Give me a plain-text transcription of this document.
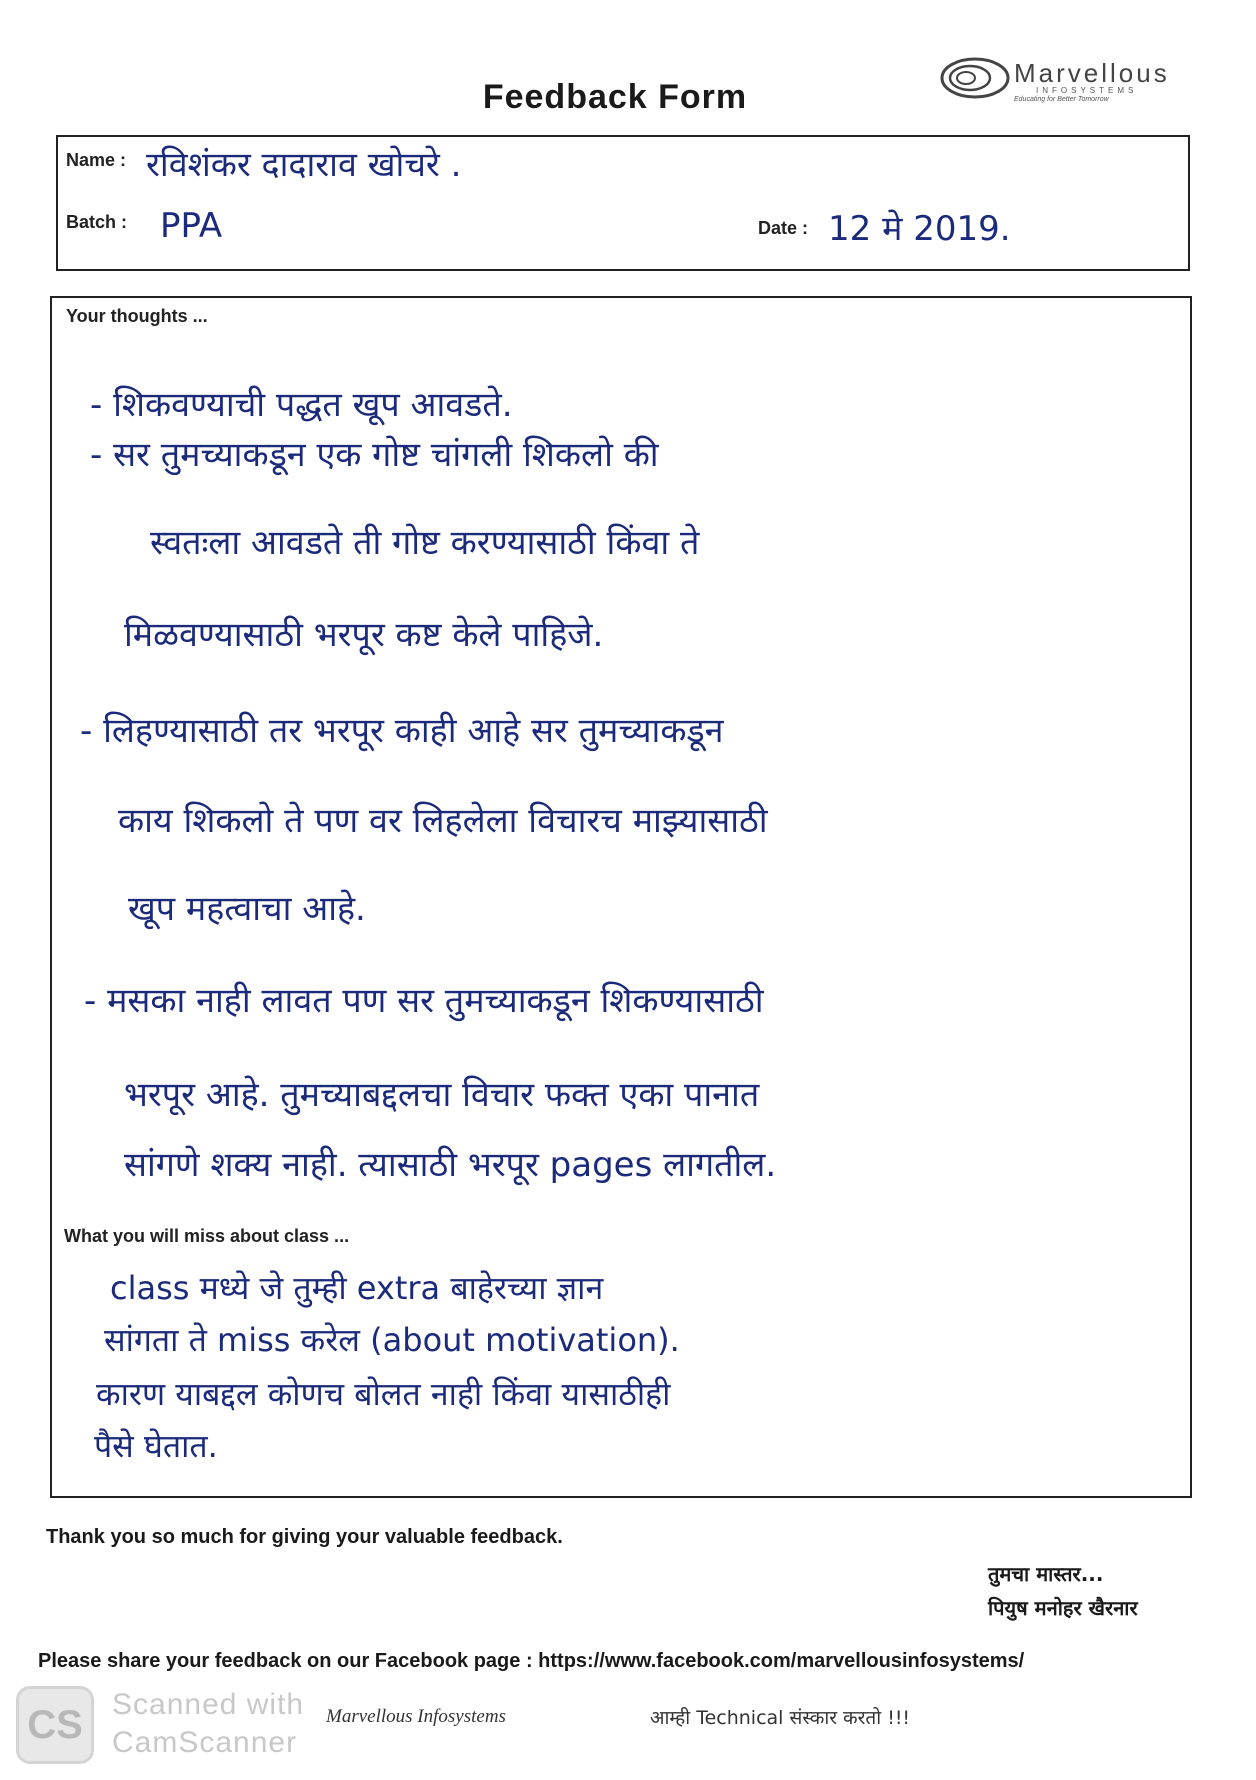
Marvellous
INFOSYSTEMS
Educating for Better Tomorrow
Feedback Form
Name : रविशंकर दादाराव खोचरे .
Batch : PPA	Date : 12 मे 2019.
Your thoughts ...
- शिकवण्याची पद्धत खूप आवडते.
- सर तुमच्याकडून एक गोष्ट चांगली शिकलो की
स्वतःला आवडते ती गोष्ट करण्यासाठी किंवा ते
मिळवण्यासाठी भरपूर कष्ट केले पाहिजे.
- लिहण्यासाठी तर भरपूर काही आहे सर तुमच्याकडून
काय शिकलो ते पण वर लिहलेला विचारच माझ्यासाठी
खूप महत्वाचा आहे.
- मसका नाही लावत पण सर तुमच्याकडून शिकण्यासाठी
भरपूर आहे. तुमच्याबद्दलचा विचार फक्त एका पानात
सांगणे शक्य नाही. त्यासाठी भरपूर pages लागतील.
What you will miss about class ...
class मध्ये जे तुम्ही extra बाहेरच्या ज्ञान
सांगता ते miss करेल (about motivation).
कारण याबद्दल कोणच बोलत नाही किंवा यासाठीही
पैसे घेतात.
Thank you so much for giving your valuable feedback.
तुमचा मास्तर...
पियुष मनोहर खैरनार
Please share your feedback on our Facebook page : https://www.facebook.com/marvellousinfosystems/
CS Scanned with
CamScanner
Marvellous Infosystems	आम्ही Technical संस्कार करतो !!!
